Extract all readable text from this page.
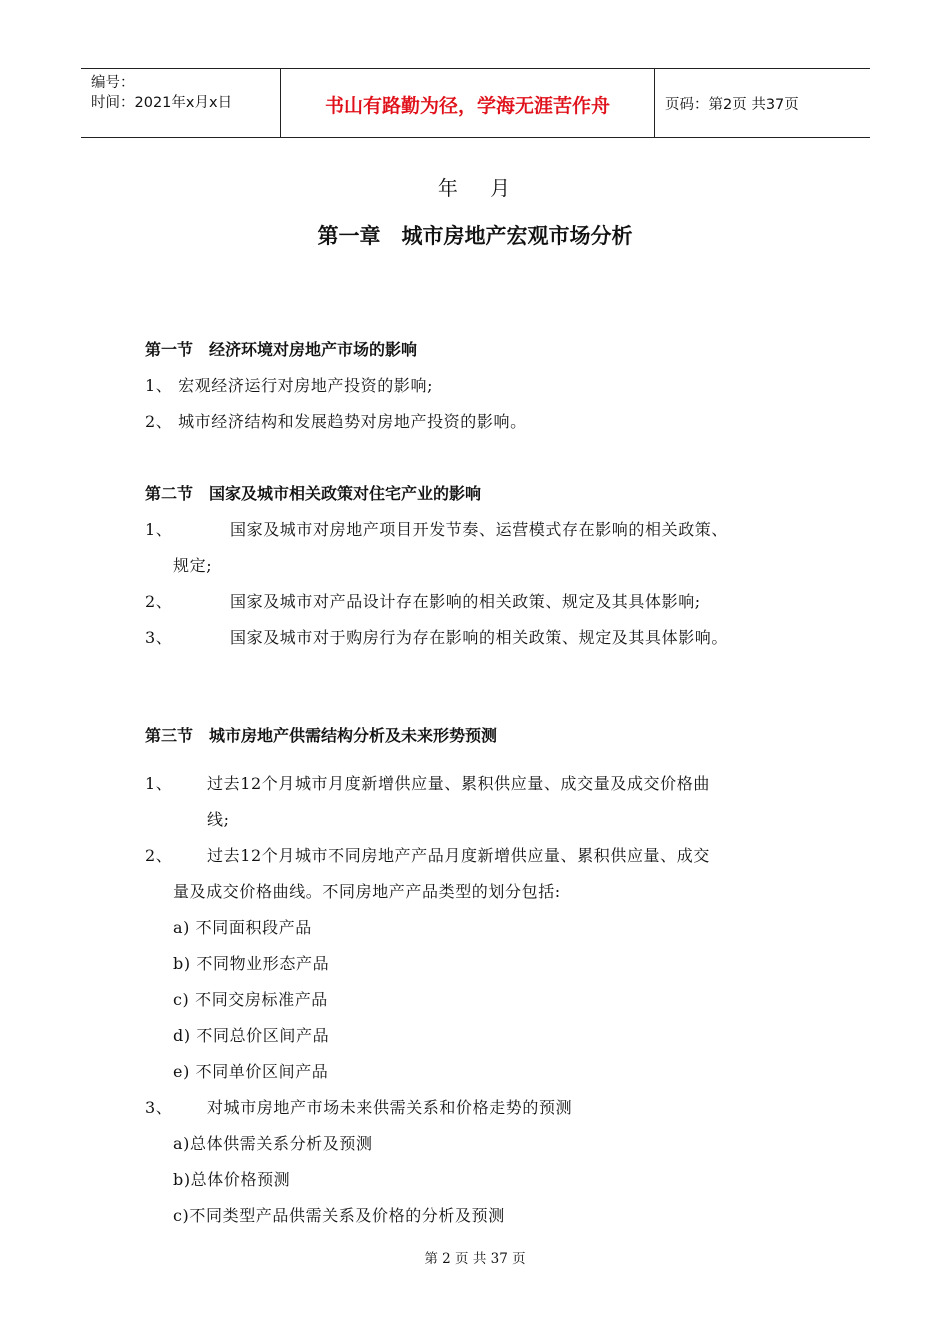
编号：
时间：2021年x月x日	书山有路勤为径，学海无涯苦作舟	页码：第2页 共37页
年　 月
第一章　城市房地产宏观市场分析
第一节　经济环境对房地产市场的影响
1、 宏观经济运行对房地产投资的影响;
2、 城市经济结构和发展趋势对房地产投资的影响。
第二节　国家及城市相关政策对住宅产业的影响
1、	国家及城市对房地产项目开发节奏、运营模式存在影响的相关政策、
规定;
2、	国家及城市对产品设计存在影响的相关政策、规定及其具体影响;
3、	国家及城市对于购房行为存在影响的相关政策、规定及其具体影响。
第三节　城市房地产供需结构分析及未来形势预测
1、 过去12个月城市月度新增供应量、累积供应量、成交量及成交价格曲
线;
2、 过去12个月城市不同房地产产品月度新增供应量、累积供应量、成交
量及成交价格曲线。不同房地产产品类型的划分包括:
a) 不同面积段产品
b) 不同物业形态产品
c) 不同交房标准产品
d) 不同总价区间产品
e) 不同单价区间产品
3、 对城市房地产市场未来供需关系和价格走势的预测
a)总体供需关系分析及预测
b)总体价格预测
c)不同类型产品供需关系及价格的分析及预测
第 2 页 共 37 页
